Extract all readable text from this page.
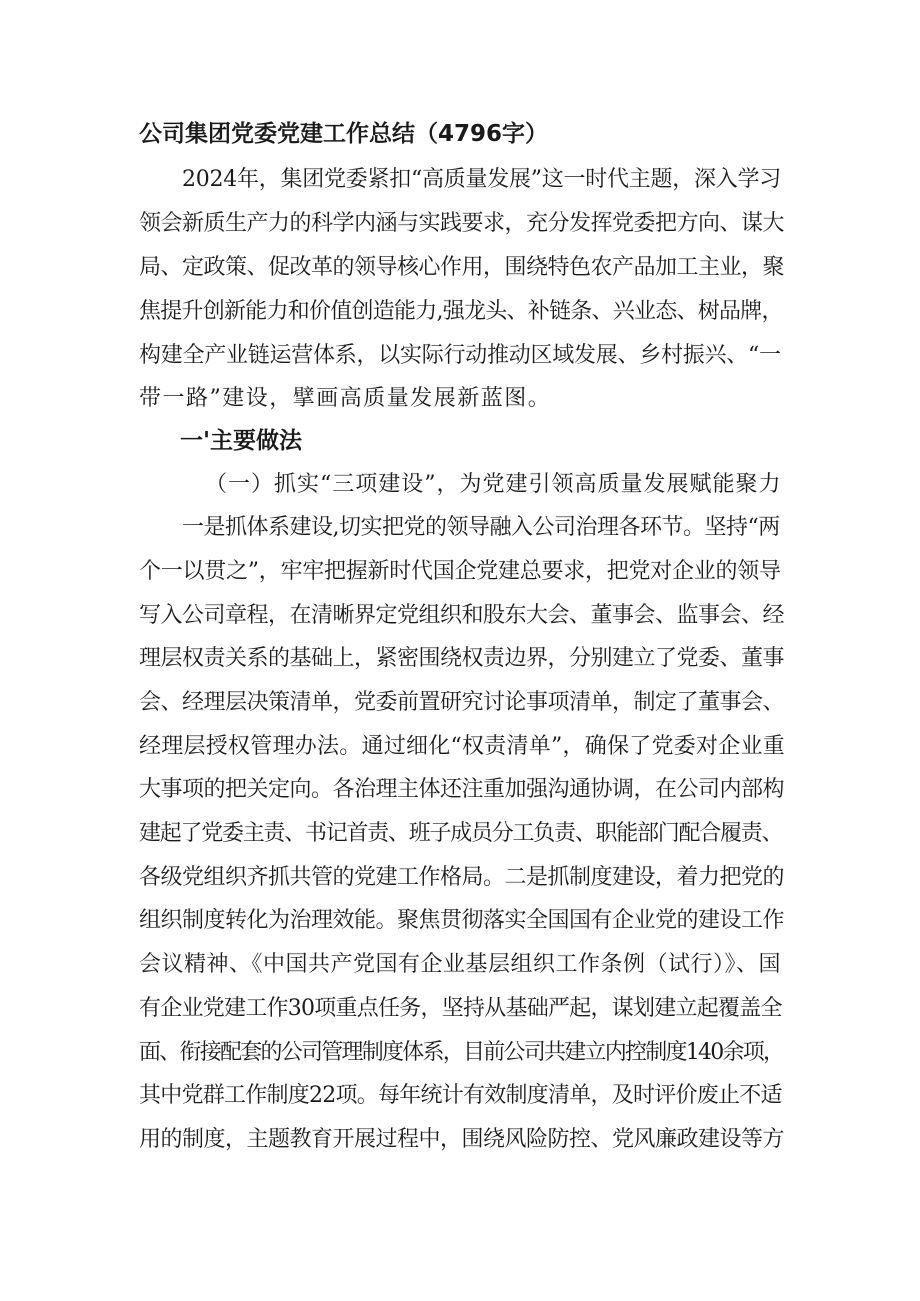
公司集团党委党建工作总结（4796字）
2024年，集团党委紧扣“高质量发展”这一时代主题，深入学习
领会新质生产力的科学内涵与实践要求，充分发挥党委把方向、谋大
局、定政策、促改革的领导核心作用，围绕特色农产品加工主业，聚
焦提升创新能力和价值创造能力,强龙头、补链条、兴业态、树品牌，
构建全产业链运营体系，以实际行动推动区域发展、乡村振兴、“一
带一路”建设，擘画高质量发展新蓝图。
一'主要做法
（一）抓实“三项建设”，为党建引领高质量发展赋能聚力
一是抓体系建设,切实把党的领导融入公司治理各环节。坚持“两
个一以贯之”，牢牢把握新时代国企党建总要求，把党对企业的领导
写入公司章程，在清晰界定党组织和股东大会、董事会、监事会、经
理层权责关系的基础上，紧密围绕权责边界，分别建立了党委、董事
会、经理层决策清单，党委前置研究讨论事项清单，制定了董事会、
经理层授权管理办法。通过细化“权责清单”，确保了党委对企业重
大事项的把关定向。各治理主体还注重加强沟通协调，在公司内部构
建起了党委主责、书记首责、班子成员分工负责、职能部门配合履责、
各级党组织齐抓共管的党建工作格局。二是抓制度建设，着力把党的
组织制度转化为治理效能。聚焦贯彻落实全国国有企业党的建设工作
会议精神、《中国共产党国有企业基层组织工作条例（试行）》、国
有企业党建工作30项重点任务，坚持从基础严起，谋划建立起覆盖全
面、衔接配套的公司管理制度体系，目前公司共建立内控制度140余项，
其中党群工作制度22项。每年统计有效制度清单，及时评价废止不适
用的制度，主题教育开展过程中，围绕风险防控、党风廉政建设等方
